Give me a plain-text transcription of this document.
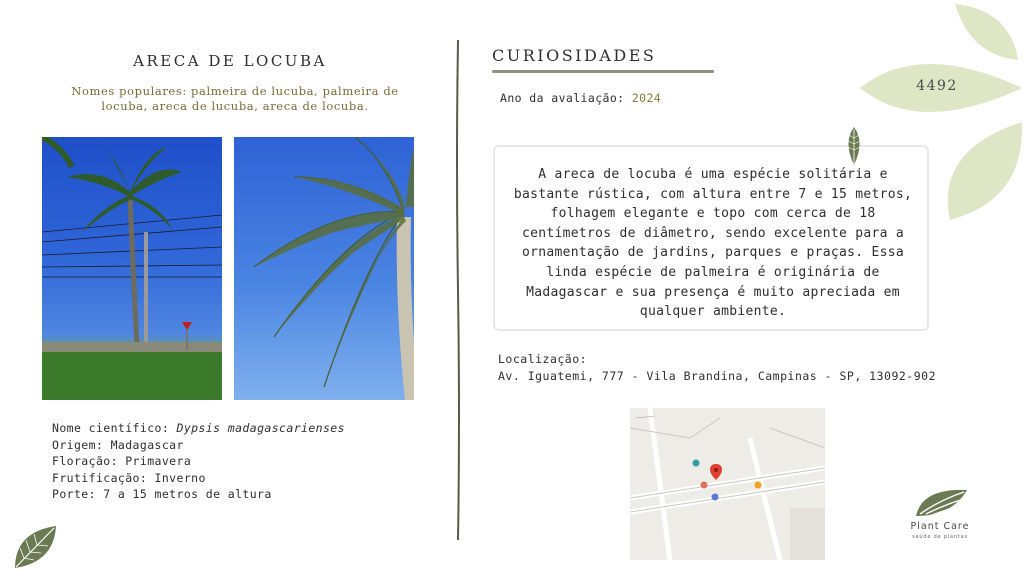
ARECA DE LOCUBA
Nomes populares: palmeira de lucuba, palmeira de locuba, areca de lucuba, areca de locuba.
Nome científico: Dypsis madagascarienses
Origem: Madagascar
Floração: Primavera
Frutificação: Inverno
Porte: 7 a 15 metros de altura
CURIOSIDADES
Ano da avaliação: 2024
A areca de locuba é uma espécie solitária e bastante rústica, com altura entre 7 e 15 metros, folhagem elegante e topo com cerca de 18 centímetros de diâmetro, sendo excelente para a ornamentação de jardins, parques e praças. Essa linda espécie de palmeira é originária de Madagascar e sua presença é muito apreciada em qualquer ambiente.
Localização:
Av. Iguatemi, 777 - Vila Brandina, Campinas - SP, 13092-902
4492
Plant Care
saúde de plantas
